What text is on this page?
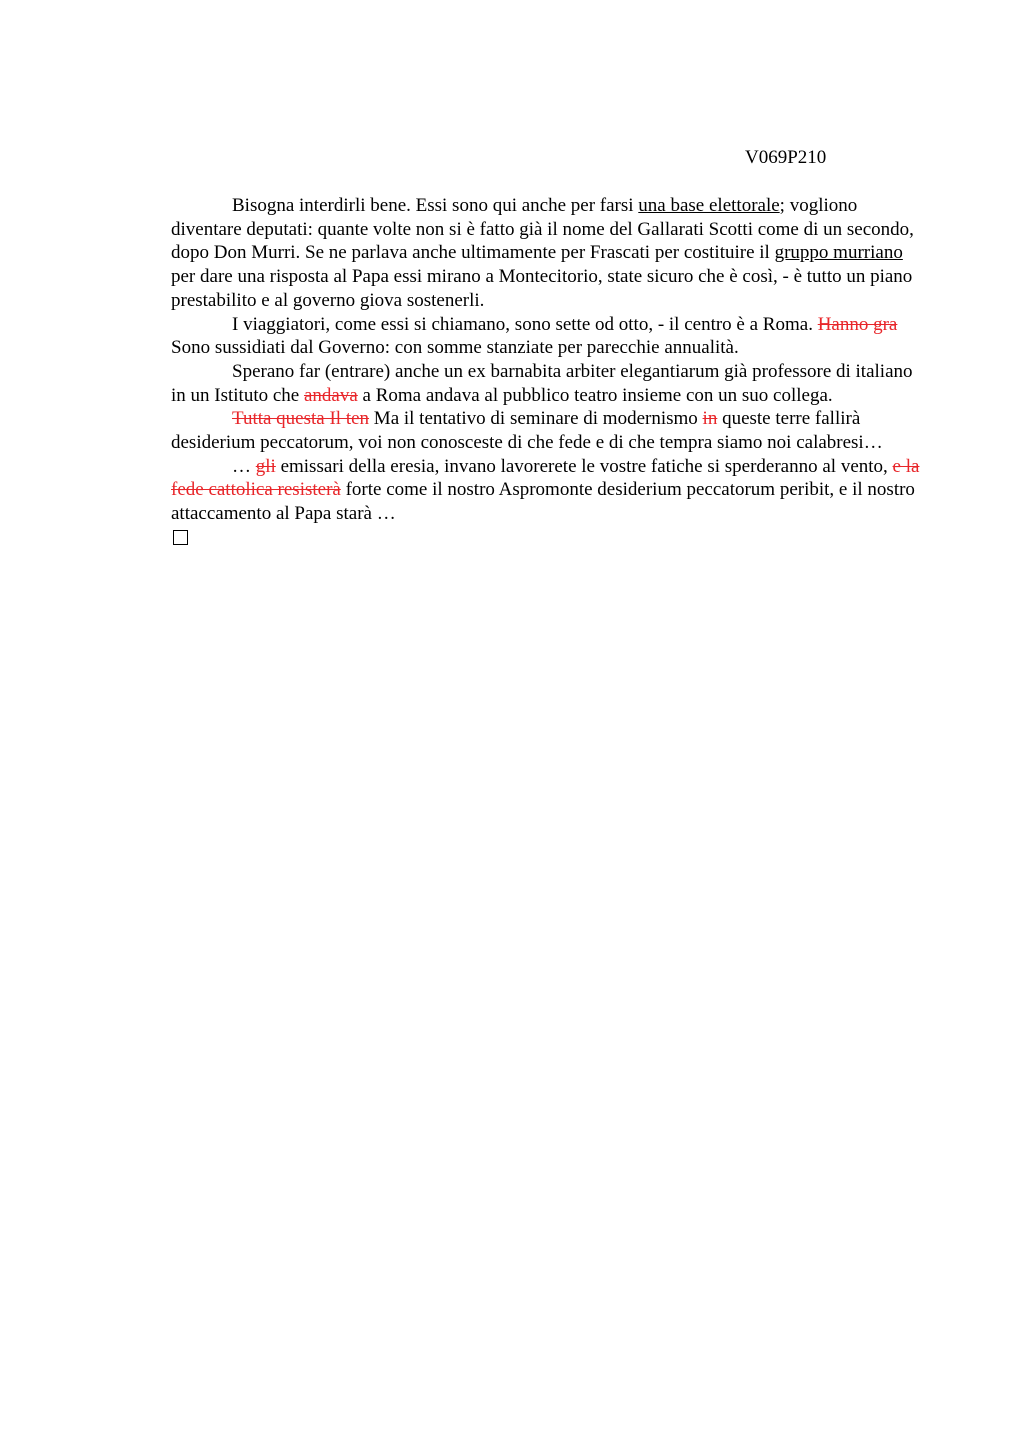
V069P210

Bisogna interdirli bene. Essi sono qui anche per farsi una base elettorale; vogliono diventare deputati: quante volte non si è fatto già il nome del Gallarati Scotti come di un secondo, dopo Don Murri. Se ne parlava anche ultimamente per Frascati per costituire il gruppo murriano per dare una risposta al Papa essi mirano a Montecitorio, state sicuro che è così, - è tutto un piano prestabilito e al governo giova sostenerli.

I viaggiatori, come essi si chiamano, sono sette od otto, - il centro è a Roma. Hanno gra Sono sussidiati dal Governo: con somme stanziate per parecchie annualità.

Sperano far (entrare) anche un ex barnabita arbiter elegantiarum già professore di italiano in un Istituto che andava a Roma andava al pubblico teatro insieme con un suo collega.

Tutta questa Il ten Ma il tentativo di seminare di modernismo in queste terre fallirà desiderium peccatorum, voi non conosceste di che fede e di che tempra siamo noi calabresi…

… gli emissari della eresia, invano lavorerete le vostre fatiche si sperderanno al vento, e la fede cattolica resisterà forte come il nostro Aspromonte desiderium peccatorum peribit, e il nostro attaccamento al Papa starà …
